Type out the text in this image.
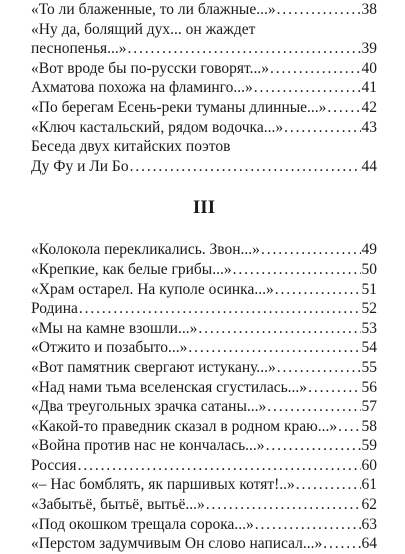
«То ли блаженные, то ли блажные...» . . .	38
«Ну да, болящий дух... он жаждет
песнопенья...» . . .	39
«Вот вроде бы по-русски говорят...» . . .	40
Ахматова похожа на фламинго...» . . .	41
«По берегам Есень-реки туманы длинные...» . . . 42
«Ключ кастальский, рядом водочка...» . . .	43
Беседа двух китайских поэтов
Ду Фу и Ли Бо . . .	44
III
«Колокола перекликались. Звон...» . . .	49
«Крепкие, как белые грибы...» . . .	50
«Храм остарел. На куполе осинка...» . . .	51
Родина . . .	52
«Мы на камне взошли...» . . .	53
«Отжито и позабыто...» . . .	54
«Вот памятник свергают истукану...» . . .	55
«Над нами тьма вселенская сгустилась...» . . .	56
«Два треугольных зрачка сатаны...» . . .	57
«Какой-то праведник сказал в родном краю...» . . . 58
«Война против нас не кончалась...» . . .	59
Россия . . .	60
«– Нас бомблять, як паршивых котят!..» . . .	61
«Забытьё, бытьё, вытьё...» . . .	62
«Под окошком трещала сорока...» . . .	63
«Перстом задумчивым Он слово написал...» . . .	64
